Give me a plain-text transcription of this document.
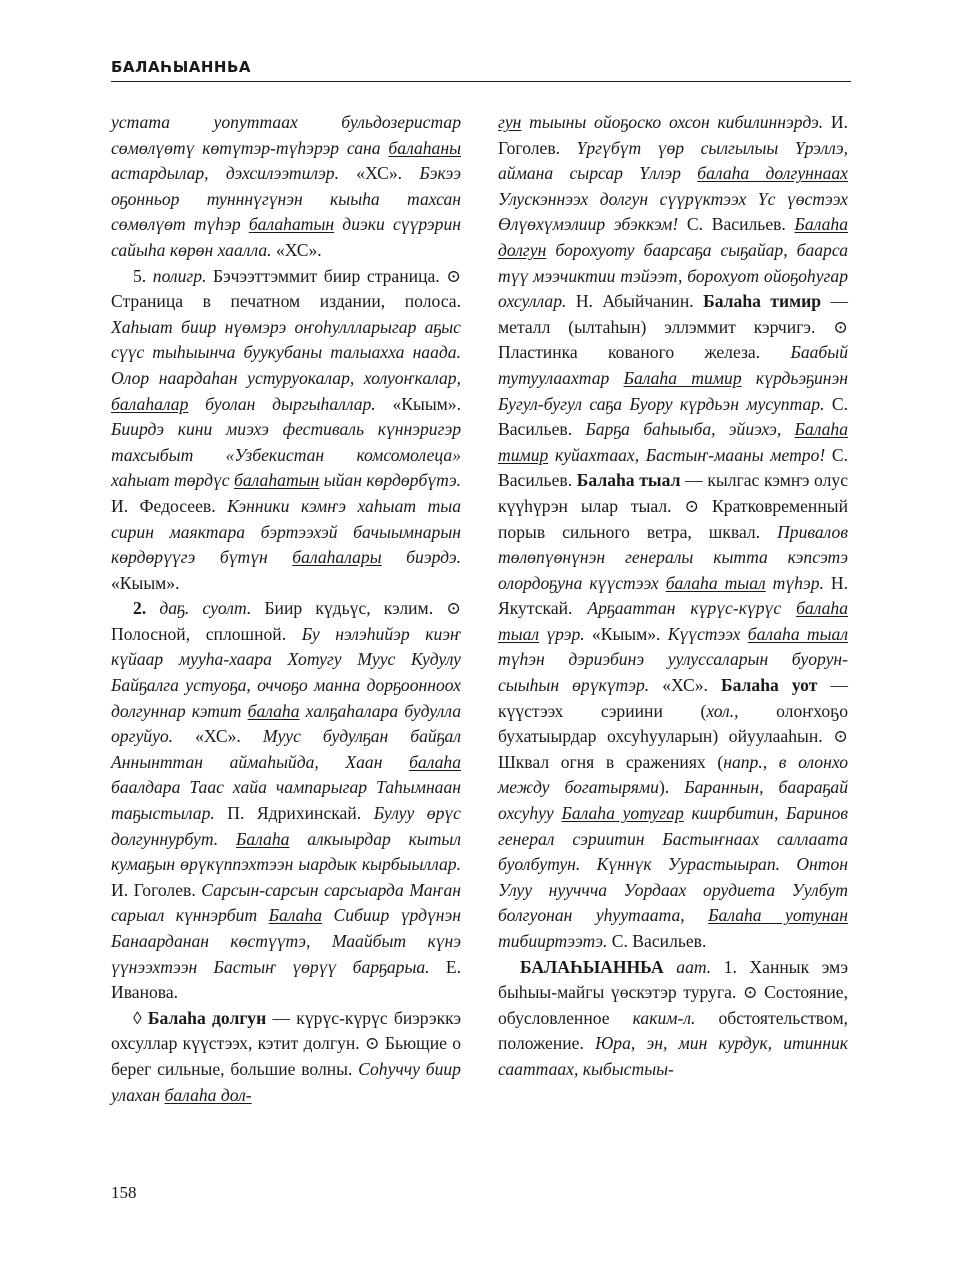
БАЛАҺЫАННЬА

устата уопуттаах бульдозеристар сөмөлүөтү көтүтэр-түһэрэр сана балаһаны астардылар, дэхсилээтилэр. «ХС». Бэкээ оҕонньор тунннүгүнэн кыыһа тахсан сөмөлүөт түһэр балаһатын диэки сүүрэрин сайыһа көрөн хаалла. «ХС».

5. полигр. Бэчээттэммит биир страница. ⊙ Страница в печатном издании, полоса. Хаһыат биир нүөмэрэ оҥоһуллларыгар аҕыс сүүс тыһыынча буукубаны талыахха наада. Олор наардаһан устуруокалар, холуоҥкалар, балаһалар буолан дыргыһаллар. «Кыым». Биирдэ кини миэхэ фестиваль күннэригэр тахсыбыт «Узбекистан комсомолеца» хаһыат төрдүс балаһатын ыйан көрдөрбүтэ. И. Федосеев. Кэнники кэмҥэ хаһыат тыа сирин маяктара бэртээхэй бачыымнарын көрдөрүүгэ бүтүн балаһалары биэрдэ. «Кыым».

2. даҕ. суолт. Биир күдьүс, кэлим. ⊙ Полосной, сплошной. Бу нэлэһийэр киэҥ күйаар мууһа-хаара Хотугу Муус Кудулу Байҕалга устуоҕа, оччоҕо манна дорҕоонноох долгуннар кэтит балаһа халҕаһалара будулла оргуйуо. «ХС». Муус будулҕан байҕал Аннынттан аймаһыйда, Хаан балаһа баалдара Таас хайа чампарыгар Таһымнаан таҕыстылар. П. Ядрихинскай. Булуу өрүс долгуннурбут. Балаһа алкыырдар кытыл кумаҕын өрүкүппэхтээн ыардык кырбыыллар. И. Гоголев. Сарсын-сарсын сарсыарда Маҥан сарыал күннэрбит Балаһа Сибиир үрдүнэн Банаарданан көстүүтэ, Маайбыт күнэ үүнээхтээн Бастыҥ үөрүү барҕарыа. Е. Иванова.

◊ Балаһа долгун — күрүс-күрүс биэрэккэ охсуллар күүстээх, кэтит долгун. ⊙ Бьющие о берег сильные, большие волны. Соһуччу биир улахан балаһа дол-

гун тыыны ойоҕоско охсон кибилиннэрдэ. И. Гоголев. Үргүбүт үөр сылгылыы Үрэллэ, аймана сырсар Үллэр балаһа долгуннаах Улускэннээх долгун сүүрүктээх Үс үөстээх Өлүөхүмэлиир эбэккэм! С. Васильев. Балаһа долгун борохуоту баарсаҕа сыҕайар, баарса түү мээчиктии тэйээт, борохуот ойоҕоһугар охсуллар. Н. Абыйчанин. Балаһа тимир — металл (ылтаһын) эллэммит кэрчигэ. ⊙ Пластинка кованого железа. Баабый тутуулаахтар Балаһа тимир күрдьэҕинэн Бугул-бугул саҕа Буору күрдьэн мусуптар. С. Васильев. Барҕа баһыыба, эйиэхэ, Балаһа тимир куйахтаах, Бастыҥ-мааны метро! С. Васильев. Балаһа тыал — кылгас кэмҥэ олус күүһүрэн ылар тыал. ⊙ Кратковременный порыв сильного ветра, шквал. Привалов төлөпүөнүнэн генералы кытта кэпсэтэ олордоҕуна күүстээх балаһа тыал түһэр. Н. Якутскай. Арҕааттан күрүс-күрүс балаһа тыал үрэр. «Кыым». Күүстээх балаһа тыал түһэн дэриэбинэ уулуссаларын буорун-сыыһын өрүкүтэр. «ХС». Балаһа уот — күүстээх сэриини (хол., олоҥхоҕо бухатыырдар охсуһууларын) ойуулааһын. ⊙ Шквал огня в сражениях (напр., в олонхо между богатырями). Бараннын, баараҕай охсуһуу Балаһа уотугар киирбитин, Баринов генерал сэриитин Бастыҥнаах саллаата буолбутун. Күннүк Уурастыырап. Онтон Улуу нууччча Уордаах орудиета Уулбут болгуонан уһуутаата, Балаһа уотунан тибииртээтэ. С. Васильев.

БАЛАҺЫАННЬА аат. 1. Ханнык эмэ быһыы-майгы үөскэтэр туруга. ⊙ Состояние, обусловленное каким-л. обстоятельством, положение. Юра, эн, мин курдук, итинник сааттаах, кыбыстыы-

158
